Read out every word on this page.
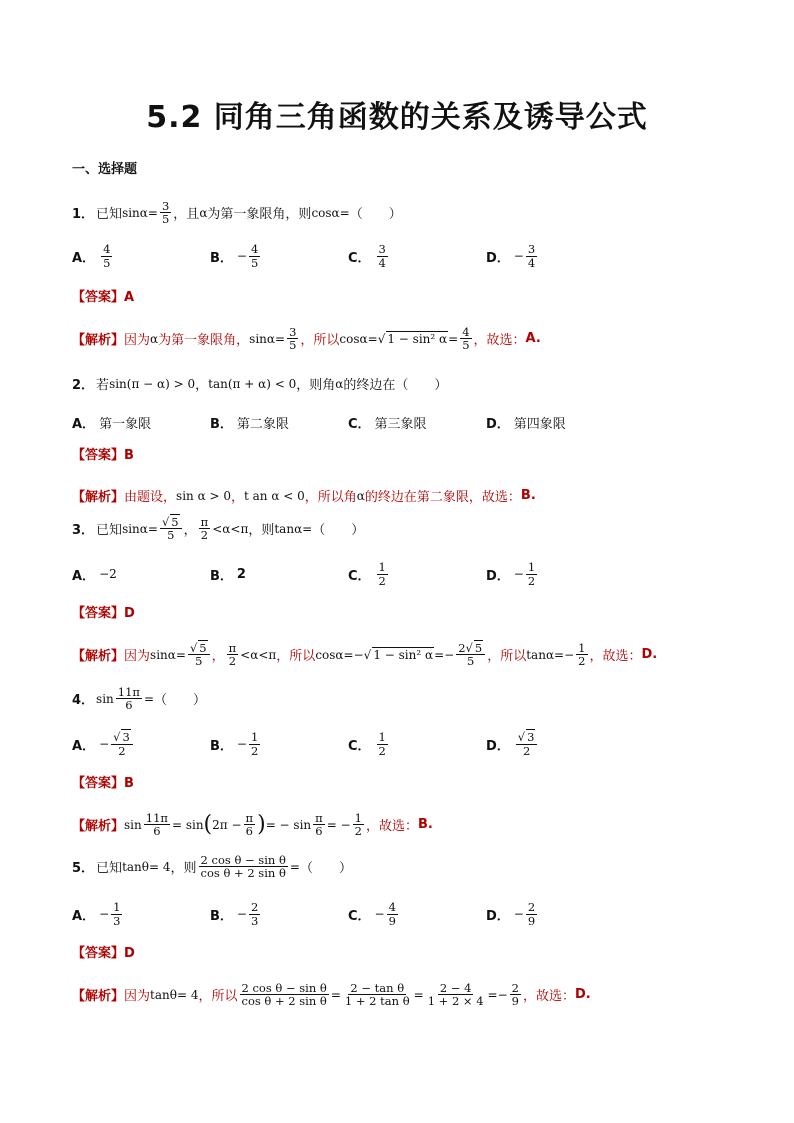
5.2 同角三角函数的关系及诱导公式
一、选择题
1． 已知 $\sin \alpha = \frac{3}{5}$ ，且 α 为第一象限角，则 cos α = （　　）
A． $\frac{4}{5}$	B． − $\frac{4}{5}$	C． $\frac{3}{4}$	D． − $\frac{3}{4}$
【答案】A
【解析】 因为 α 为第一象限角， $\sin \alpha = \frac{3}{5}$ ，所以 cos α = √ 1 − sin² $\alpha = \frac{4}{5}$ ，故选： A.
2． 若 sin(π − α) > 0 ， tan(π + α) < 0 ，则角 α 的终边在（　　）
A． 第一象限	B． 第二象限	C． 第三象限	D． 第四象限
【答案】B
【解析】 由题设， sin α > 0 ， t an α < 0 ，所以角 α 的终边在第二象限，故选： B.
3． 已知 $\sin \alpha = \frac{√ 5}{5}$ ， $\frac{\pi}{2} < \alpha < \pi$ ，则 tan α = （　　）
A． −2	B． 2	C． $\frac{1}{2}$	D． − $\frac{1}{2}$
【答案】D
【解析】 因为 $\sin \alpha = \frac{√ 5}{5}$ ， $\frac{\pi}{2} < \alpha < \pi$ ，所以 cos α = − √ 1 − sin² α = − $\frac{2√ 5}{5}$ ，所以 tan α = − $\frac{1}{2}$ ，故选： D.
4． $\sin \frac{11\pi}{6}$ = （　　）
A． − $\frac{√ 3}{2}$	B． − $\frac{1}{2}$	C． $\frac{1}{2}$	D． $\frac{√ 3}{2}$
【答案】B
【解析】 $\sin \frac{11\pi}{6} = \sin$ ( $2\pi - \frac{\pi}{6}$ ) = − $\sin \frac{\pi}{6}$ = − $\frac{1}{2}$ ，故选： B.
5． 已知 tan θ = 4 ，则 $\frac{\text{2 cos θ − sin θ}}{\text{cos θ + 2 sin θ}}$ = （　　）
A． − $\frac{1}{3}$	B． − $\frac{2}{3}$	C． − $\frac{4}{9}$	D． − $\frac{2}{9}$
【答案】D
【解析】 因为 tan θ = 4 ，所以 $\frac{\text{2 cos θ − sin θ}}{\text{cos θ + 2 sin θ}} = \frac{\text{2 − tan θ}}{\text{1 + 2 tan θ}} = \frac{2 - 4}{1 + 2 \times 4}$ = − $\frac{2}{9}$ ，故选： D.
